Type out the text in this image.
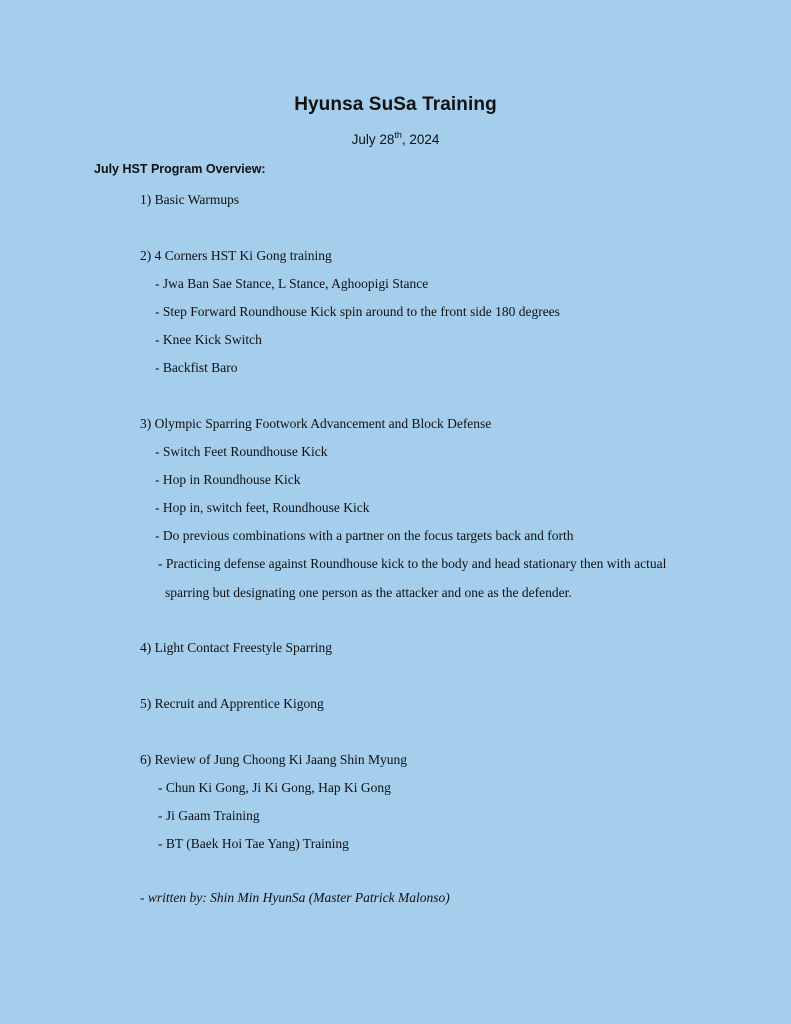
Hyunsa SuSa Training
July 28th, 2024
July HST Program Overview:
1) Basic Warmups
2) 4 Corners HST Ki Gong training
- Jwa Ban Sae Stance, L Stance, Aghoopigi Stance
- Step Forward Roundhouse Kick spin around to the front side 180 degrees
- Knee Kick Switch
- Backfist Baro
3) Olympic Sparring Footwork Advancement and Block Defense
- Switch Feet Roundhouse Kick
- Hop in Roundhouse Kick
- Hop in, switch feet, Roundhouse Kick
- Do previous combinations with a partner on the focus targets back and forth
- Practicing defense against Roundhouse kick to the body and head stationary then with actual
sparring but designating one person as the attacker and one as the defender.
4) Light Contact Freestyle Sparring
5) Recruit and Apprentice Kigong
6) Review of Jung Choong Ki Jaang Shin Myung
- Chun Ki Gong, Ji Ki Gong, Hap Ki Gong
- Ji Gaam Training
- BT (Baek Hoi Tae Yang) Training
- written by: Shin Min HyunSa (Master Patrick Malonso)
